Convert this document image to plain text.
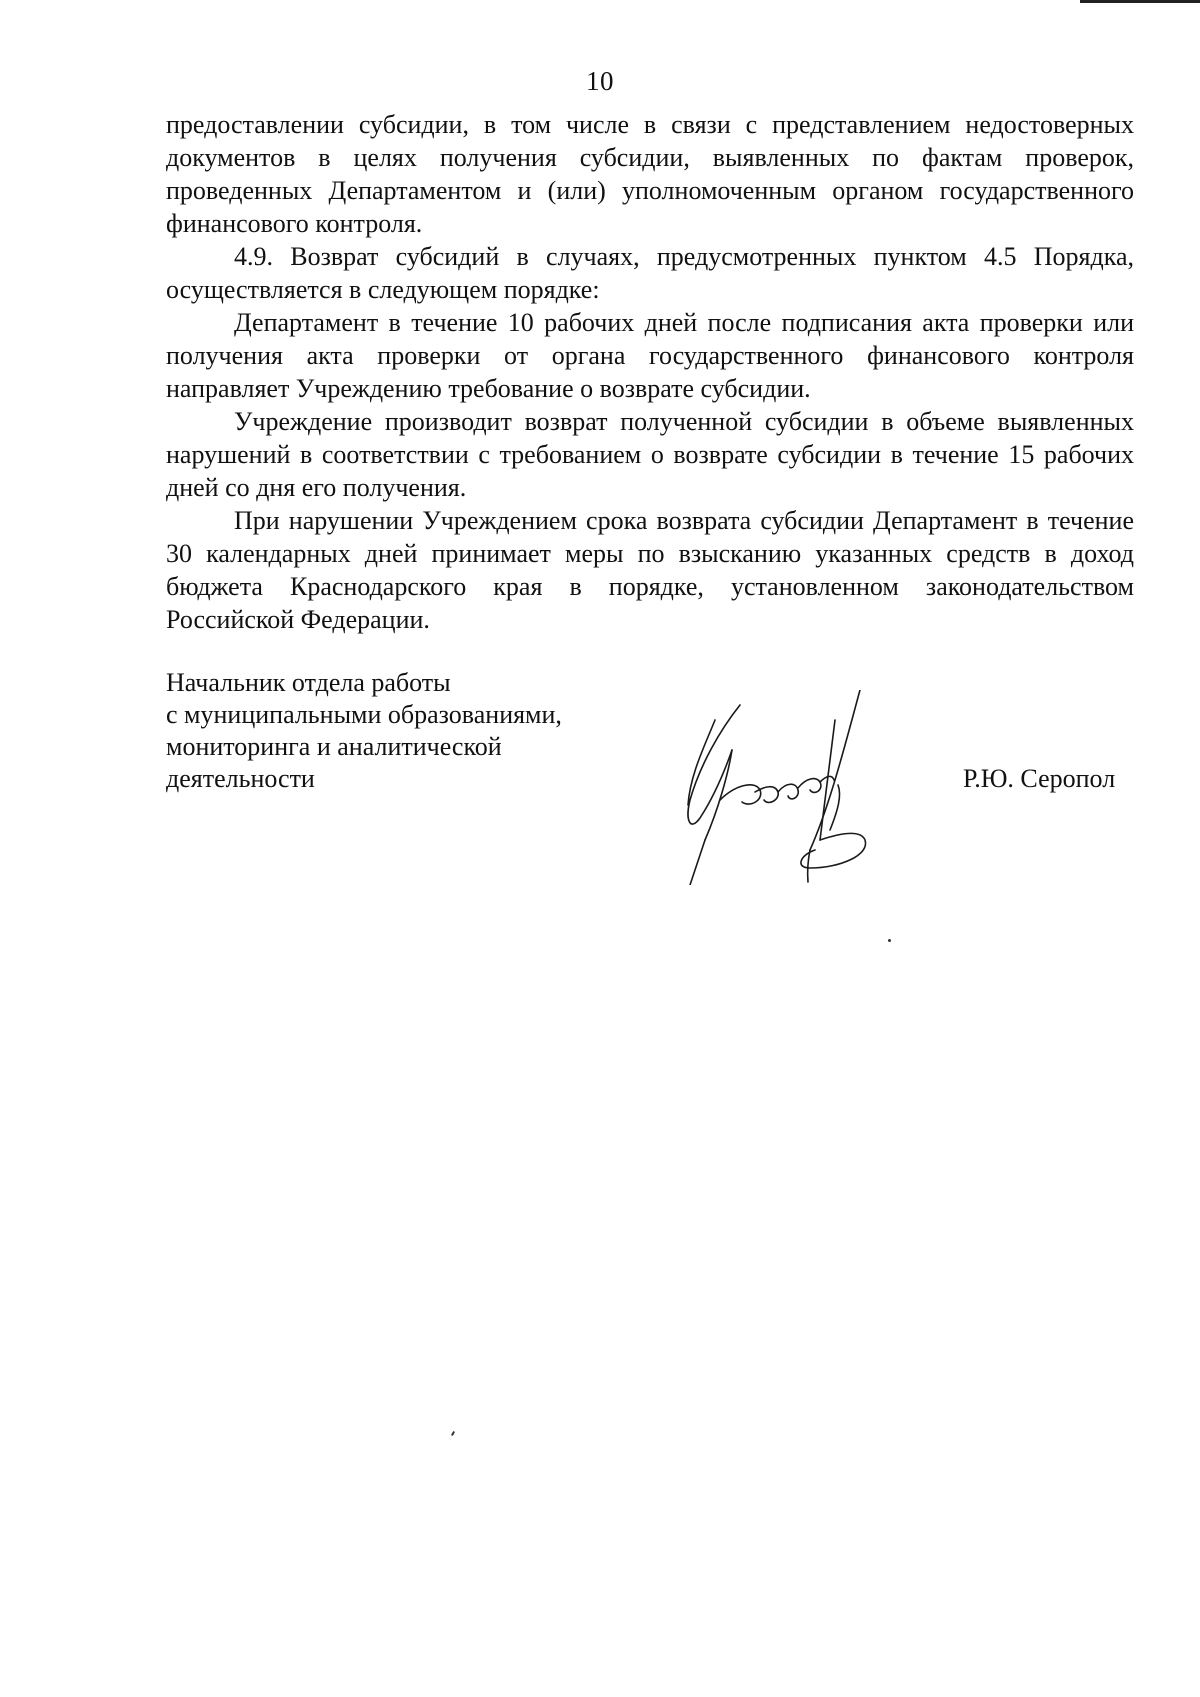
10

предоставлении субсидии, в том числе в связи с представлением недостоверных документов в целях получения субсидии, выявленных по фактам проверок, проведенных Департаментом и (или) уполномоченным органом государственного финансового контроля.

4.9. Возврат субсидий в случаях, предусмотренных пунктом 4.5 Порядка, осуществляется в следующем порядке:

Департамент в течение 10 рабочих дней после подписания акта проверки или получения акта проверки от органа государственного финансового контроля направляет Учреждению требование о возврате субсидии.

Учреждение производит возврат полученной субсидии в объеме выявленных нарушений в соответствии с требованием о возврате субсидии в течение 15 рабочих дней со дня его получения.

При нарушении Учреждением срока возврата субсидии Департамент в течение 30 календарных дней принимает меры по взысканию указанных средств в доход бюджета Краснодарского края в порядке, установленном законодательством Российской Федерации.

Начальник отдела работы
с муниципальными образованиями,
мониторинга и аналитической
деятельности	Р.Ю. Серопол
